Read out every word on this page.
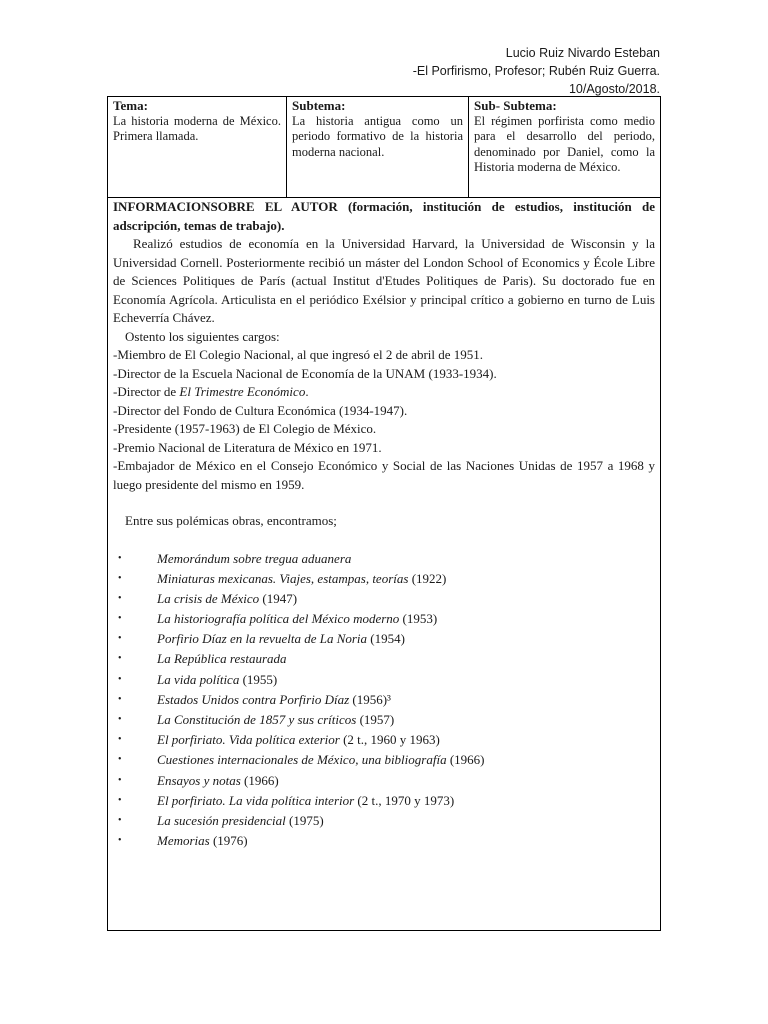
Lucio Ruiz Nivardo Esteban
-El Porfirismo, Profesor; Rubén Ruiz Guerra.
10/Agosto/2018.
Tema:
La historia moderna de México. Primera llamada.
Subtema:
La historia antigua como un periodo formativo de la historia moderna nacional.
Sub- Subtema:
El régimen porfirista como medio para el desarrollo del periodo, denominado por Daniel, como la Historia moderna de México.

INFORMACIONSOBRE EL AUTOR (formación, institución de estudios, institución de adscripción, temas de trabajo).

Realizó estudios de economía en la Universidad Harvard, la Universidad de Wisconsin y la Universidad Cornell. Posteriormente recibió un máster del London School of Economics y École Libre de Sciences Politiques de París (actual Institut d'Etudes Politiques de Paris). Su doctorado fue en Economía Agrícola. Articulista en el periódico Exélsior y principal crítico a gobierno en turno de Luis Echeverría Chávez.

Ostento los siguientes cargos:

-Miembro de El Colegio Nacional, al que ingresó el 2 de abril de 1951.

-Director de la Escuela Nacional de Economía de la UNAM (1933-1934).

-Director de El Trimestre Económico.

-Director del Fondo de Cultura Económica (1934-1947).

-Presidente (1957-1963) de El Colegio de México.

-Premio Nacional de Literatura de México en 1971.

-Embajador de México en el Consejo Económico y Social de las Naciones Unidas de 1957 a 1968 y luego presidente del mismo en 1959.

Entre sus polémicas obras, encontramos;

•	Memorándum sobre tregua aduanera
•	Miniaturas mexicanas. Viajes, estampas, teorías (1922)
•	La crisis de México (1947)
•	La historiografía política del México moderno (1953)
•	Porfirio Díaz en la revuelta de La Noria (1954)
•	La República restaurada
•	La vida política (1955)
•	Estados Unidos contra Porfirio Díaz (1956)³
•	La Constitución de 1857 y sus críticos (1957)
•	El porfiriato. Vida política exterior (2 t., 1960 y 1963)
•	Cuestiones internacionales de México, una bibliografía (1966)
•	Ensayos y notas (1966)
•	El porfiriato. La vida política interior (2 t., 1970 y 1973)
•	La sucesión presidencial (1975)
•	Memorias (1976)
